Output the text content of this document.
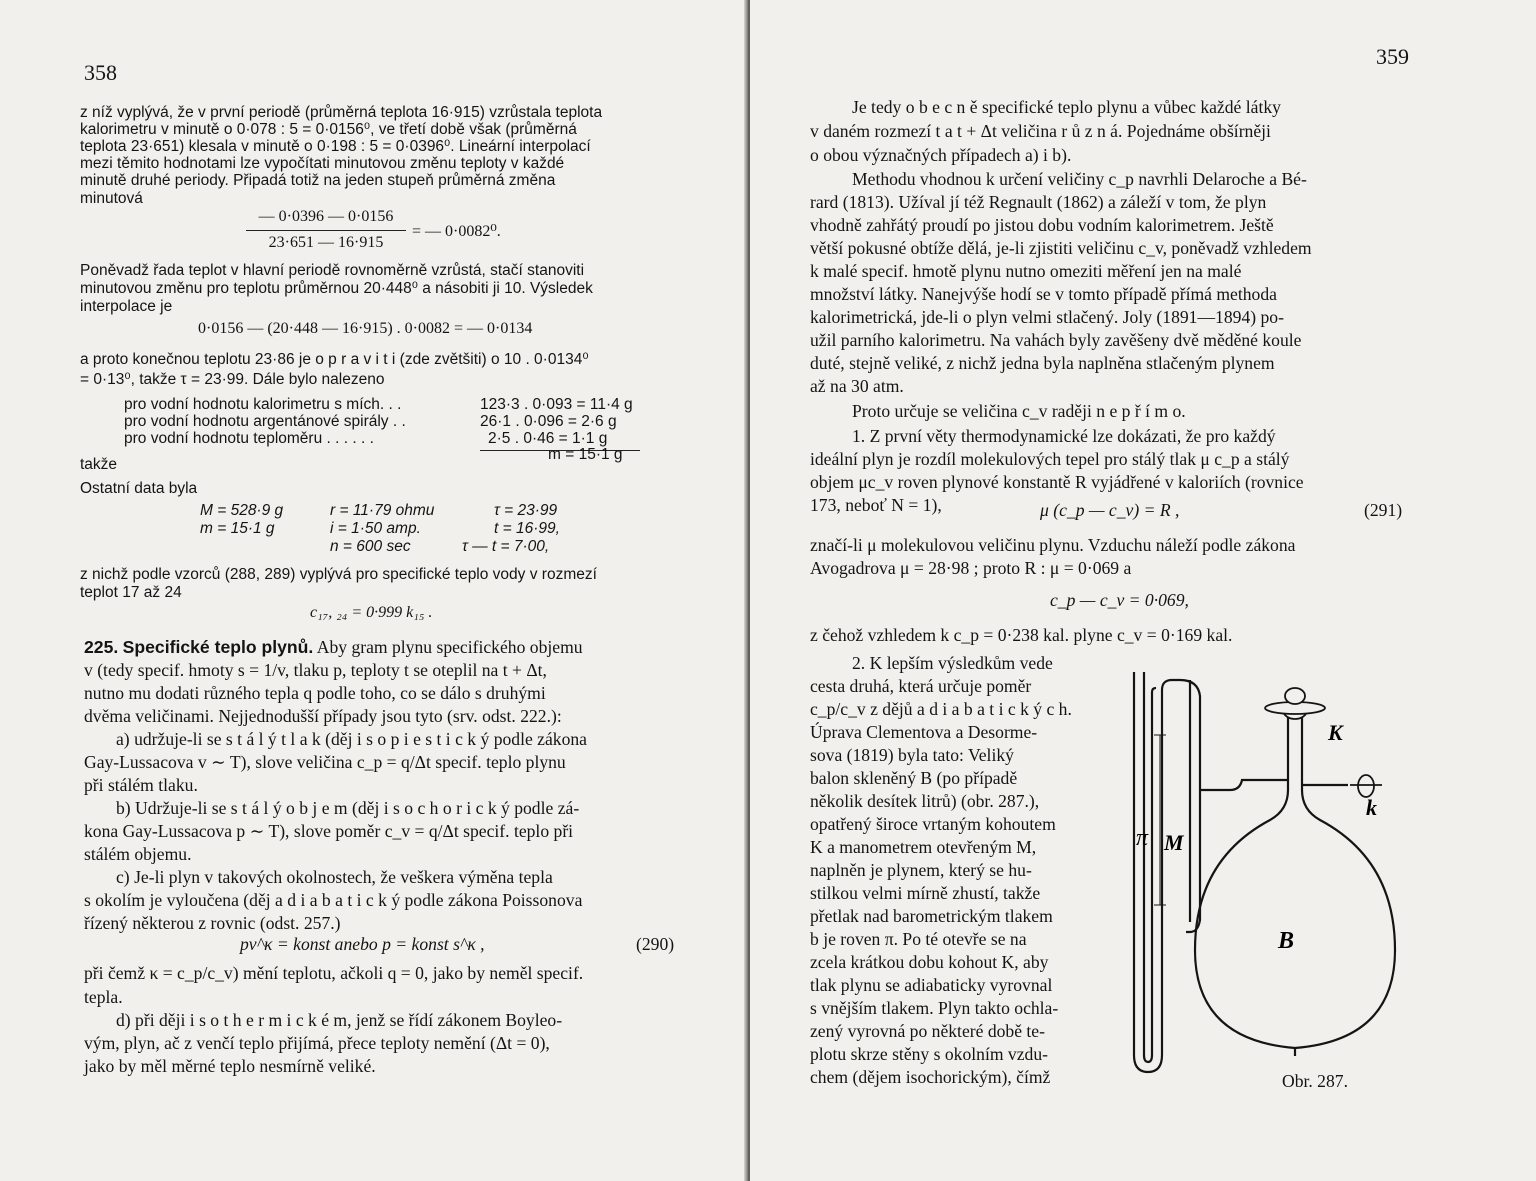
358
z níž vyplývá, že v první periodě (průměrná teplota 16·915) vzrůstala teplota
kalorimetru v minutě o 0·078 : 5 = 0·0156⁰, ve třetí době však (průměrná
teplota 23·651) klesala v minutě o 0·198 : 5 = 0·0396⁰. Lineární interpolací
mezi těmito hodnotami lze vypočítati minutovou změnu teploty v každé
minutě druhé periody. Připadá totiž na jeden stupeň průměrná změna
minutová
— 0·0396 — 0·0156
23·651 — 16·915
= — 0·0082⁰.
Poněvadž řada teplot v hlavní periodě rovnoměrně vzrůstá, stačí stanoviti
minutovou změnu pro teplotu průměrnou 20·448⁰ a násobiti ji 10. Výsledek
interpolace je
0·0156 — (20·448 — 16·915) . 0·0082 = — 0·0134
a proto konečnou teplotu 23·86 je o p r a v i t i (zde zvětšiti) o 10 . 0·0134⁰
= 0·13⁰, takže τ = 23·99. Dále bylo nalezeno
pro vodní hodnotu kalorimetru s mích. . .	123·3 . 0·093 = 11·4 g
pro vodní hodnotu argentánové spirály . .	26·1 . 0·096 = 2·6 g
pro vodní hodnotu teploměru . . . . . .	2·5 . 0·46 = 1·1 g
takže
m = 15·1 g
Ostatní data byla
M = 528·9 g	r = 11·79 ohmu	τ = 23·99
m = 15·1 g	i = 1·50 amp.	t = 16·99,
n = 600 sec	τ — t = 7·00,
z nichž podle vzorců (288, 289) vyplývá pro specifické teplo vody v rozmezí
teplot 17 až 24
c₁₇, ₂₄ = 0·999 k₁₅ .
225. Specifické teplo plynů. Aby gram plynu specifického objemu
v (tedy specif. hmoty s = 1/v, tlaku p, teploty t se oteplil na t + Δt,
nutno mu dodati různého tepla q podle toho, co se dálo s druhými
dvěma veličinami. Nejjednodušší případy jsou tyto (srv. odst. 222.):
a) udržuje-li se s t á l ý t l a k (děj i s o p i e s t i c k ý podle zákona
Gay-Lussacova v ∼ T), slove veličina c_p = q/Δt specif. teplo plynu
při stálém tlaku.
b) Udržuje-li se s t á l ý o b j e m (děj i s o c h o r i c k ý podle zá-
kona Gay-Lussacova p ∼ T), slove poměr c_v = q/Δt specif. teplo při
stálém objemu.
c) Je-li plyn v takových okolnostech, že veškera výměna tepla
s okolím je vyloučena (děj a d i a b a t i c k ý podle zákona Poissonova
řízený některou z rovnic (odst. 257.)
pv^κ = konst anebo p = konst s^κ ,	(290)
při čemž κ = c_p/c_v) mění teplotu, ačkoli q = 0, jako by neměl specif.
tepla.
d) při ději i s o t h e r m i c k é m, jenž se řídí zákonem Boyleo-
vým, plyn, ač z venčí teplo přijímá, přece teploty nemění (Δt = 0),
jako by měl měrné teplo nesmírně veliké.
359
Je tedy o b e c n ě specifické teplo plynu a vůbec každé látky
v daném rozmezí t a t + Δt veličina r ů z n á. Pojednáme obšírněji
o obou význačných případech a) i b).
Methodu vhodnou k určení veličiny c_p navrhli Delaroche a Bé-
rard (1813). Užíval jí též Regnault (1862) a záleží v tom, že plyn
vhodně zahřátý proudí po jistou dobu vodním kalorimetrem. Ještě
větší pokusné obtíže dělá, je-li zjistiti veličinu c_v, poněvadž vzhledem
k malé specif. hmotě plynu nutno omeziti měření jen na malé
množství látky. Nanejvýše hodí se v tomto případě přímá methoda
kalorimetrická, jde-li o plyn velmi stlačený. Joly (1891—1894) po-
užil parního kalorimetru. Na vahách byly zavěšeny dvě měděné koule
duté, stejně veliké, z nichž jedna byla naplněna stlačeným plynem
až na 30 atm.
Proto určuje se veličina c_v raději n e p ř í m o.
1. Z první věty thermodynamické lze dokázati, že pro každý
ideální plyn je rozdíl molekulových tepel pro stálý tlak μ c_p a stálý
objem μc_v roven plynové konstantě R vyjádřené v kaloriích (rovnice
173, neboť N = 1),	μ (c_p — c_v) = R ,	(291)
značí-li μ molekulovou veličinu plynu. Vzduchu náleží podle zákona
Avogadrova μ = 28·98 ; proto R : μ = 0·069 a
c_p — c_v = 0·069,
z čehož vzhledem k c_p = 0·238 kal. plyne c_v = 0·169 kal.
2. K lepším výsledkům vede
cesta druhá, která určuje poměr
c_p/c_v z dějů a d i a b a t i c k ý c h.
Úprava Clementova a Desorme-
sova (1819) byla tato: Veliký
balon skleněný B (po případě
několik desítek litrů) (obr. 287.),
opatřený široce vrtaným kohoutem
K a manometrem otevřeným M,
naplněn je plynem, který se hu-
stilkou velmi mírně zhustí, takže
přetlak nad barometrickým tlakem
b je roven π. Po té otevře se na
zcela krátkou dobu kohout K, aby
tlak plynu se adiabaticky vyrovnal
s vnějším tlakem. Plyn takto ochla-
zený vyrovná po některé době te-
plotu skrze stěny s okolním vzdu-
chem (dějem isochorickým), čímž
π M
K
k
B
Obr. 287.
